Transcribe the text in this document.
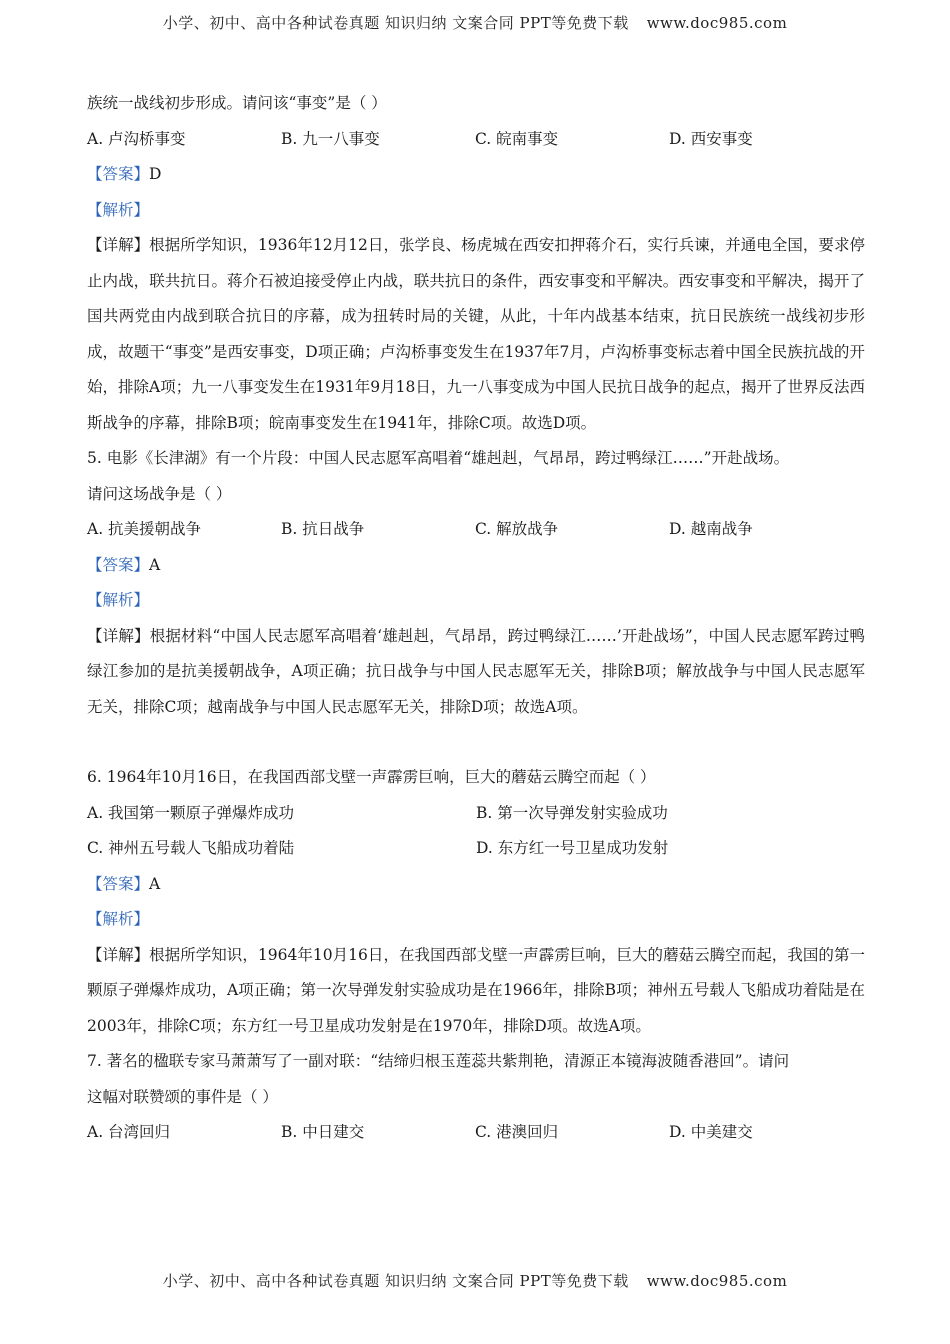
小学、初中、高中各种试卷真题 知识归纳 文案合同 PPT等免费下载 www.doc985.com
族统一战线初步形成。请问该“事变”是（ ）
A. 卢沟桥事变	B. 九一八事变	C. 皖南事变	D. 西安事变
【答案】D
【解析】
【详解】根据所学知识，1936年12月12日，张学良、杨虎城在西安扣押蒋介石，实行兵谏，并通电全国，要求停止内战，联共抗日。蒋介石被迫接受停止内战，联共抗日的条件，西安事变和平解决。西安事变和平解决，揭开了国共两党由内战到联合抗日的序幕，成为扭转时局的关键，从此，十年内战基本结束，抗日民族统一战线初步形成，故题干“事变”是西安事变，D项正确；卢沟桥事变发生在1937年7月，卢沟桥事变标志着中国全民族抗战的开始，排除A项；九一八事变发生在1931年9月18日，九一八事变成为中国人民抗日战争的起点，揭开了世界反法西斯战争的序幕，排除B项；皖南事变发生在1941年，排除C项。故选D项。
5. 电影《长津湖》有一个片段：中国人民志愿军高唱着“雄赳赳，气昂昂，跨过鸭绿江……”开赴战场。
请问这场战争是（ ）
A. 抗美援朝战争	B. 抗日战争	C. 解放战争	D. 越南战争
【答案】A
【解析】
【详解】根据材料“中国人民志愿军高唱着‘雄赳赳，气昂昂，跨过鸭绿江……’开赴战场”，中国人民志愿军跨过鸭绿江参加的是抗美援朝战争，A项正确；抗日战争与中国人民志愿军无关，排除B项；解放战争与中国人民志愿军无关，排除C项；越南战争与中国人民志愿军无关，排除D项；故选A项。
6. 1964年10月16日，在我国西部戈壁一声霹雳巨响，巨大的蘑菇云腾空而起（ ）
A. 我国第一颗原子弹爆炸成功	B. 第一次导弹发射实验成功
C. 神州五号载人飞船成功着陆	D. 东方红一号卫星成功发射
【答案】A
【解析】
【详解】根据所学知识，1964年10月16日，在我国西部戈壁一声霹雳巨响，巨大的蘑菇云腾空而起，我国的第一颗原子弹爆炸成功，A项正确；第一次导弹发射实验成功是在1966年，排除B项；神州五号载人飞船成功着陆是在2003年，排除C项；东方红一号卫星成功发射是在1970年，排除D项。故选A项。
7. 著名的楹联专家马萧萧写了一副对联：“结缔归根玉莲蕊共紫荆艳，清源正本镜海波随香港回”。请问
这幅对联赞颂的事件是（ ）
A. 台湾回归	B. 中日建交	C. 港澳回归	D. 中美建交
小学、初中、高中各种试卷真题 知识归纳 文案合同 PPT等免费下载 www.doc985.com
